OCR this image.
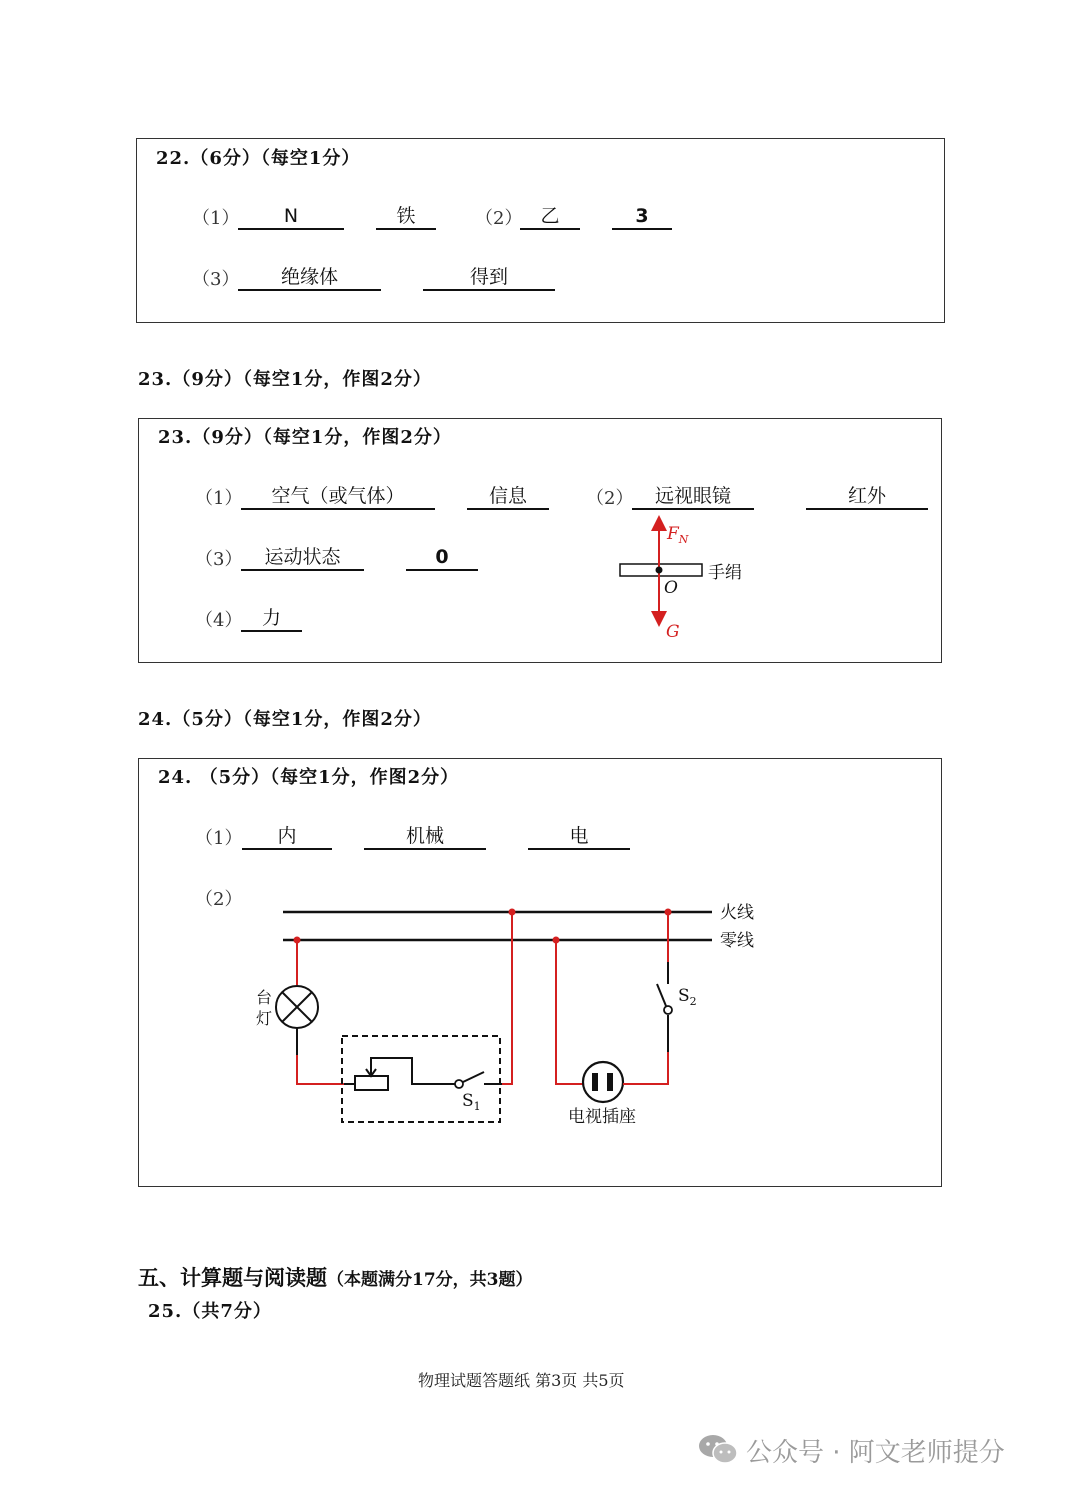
22.（6分）（每空1分）
（1）	N	铁	（2） 乙	3
（3）	绝缘体	得到
23.（9分）（每空1分，作图2分）
23.（9分）（每空1分，作图2分）
（1）	空气（或气体）	信息	（2）	远视眼镜	红外
（3）	运动状态	0
（4）	力
$F_N$
O
手绢
G
24.（5分）（每空1分，作图2分）
24. （5分）（每空1分，作图2分）
（1）	内	机械	电
（2）
火线
零线
台
灯
$S_1$
电视插座
$S_2$
五、计算题与阅读题（本题满分17分，共3题）
25.（共7分）
物理试题答题纸 第3页 共5页
公众号 · 阿文老师提分
